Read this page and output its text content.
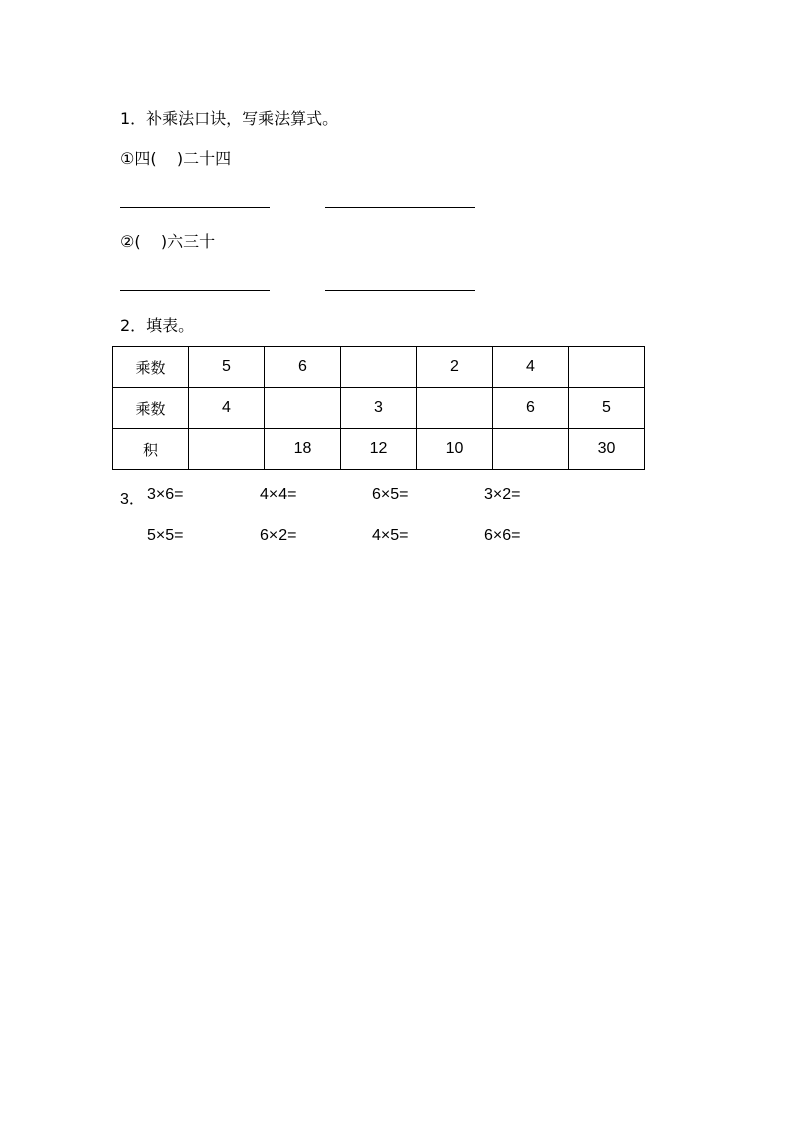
1．补乘法口诀，写乘法算式。
①四(    )二十四
②(    )六三十
2．填表。
乘数	5	6		2	4	
乘数	4		3		6	5
积		18	12	10		30
3． 3×6=	4×4=	6×5=	3×2=
5×5=	6×2=	4×5=	6×6=
